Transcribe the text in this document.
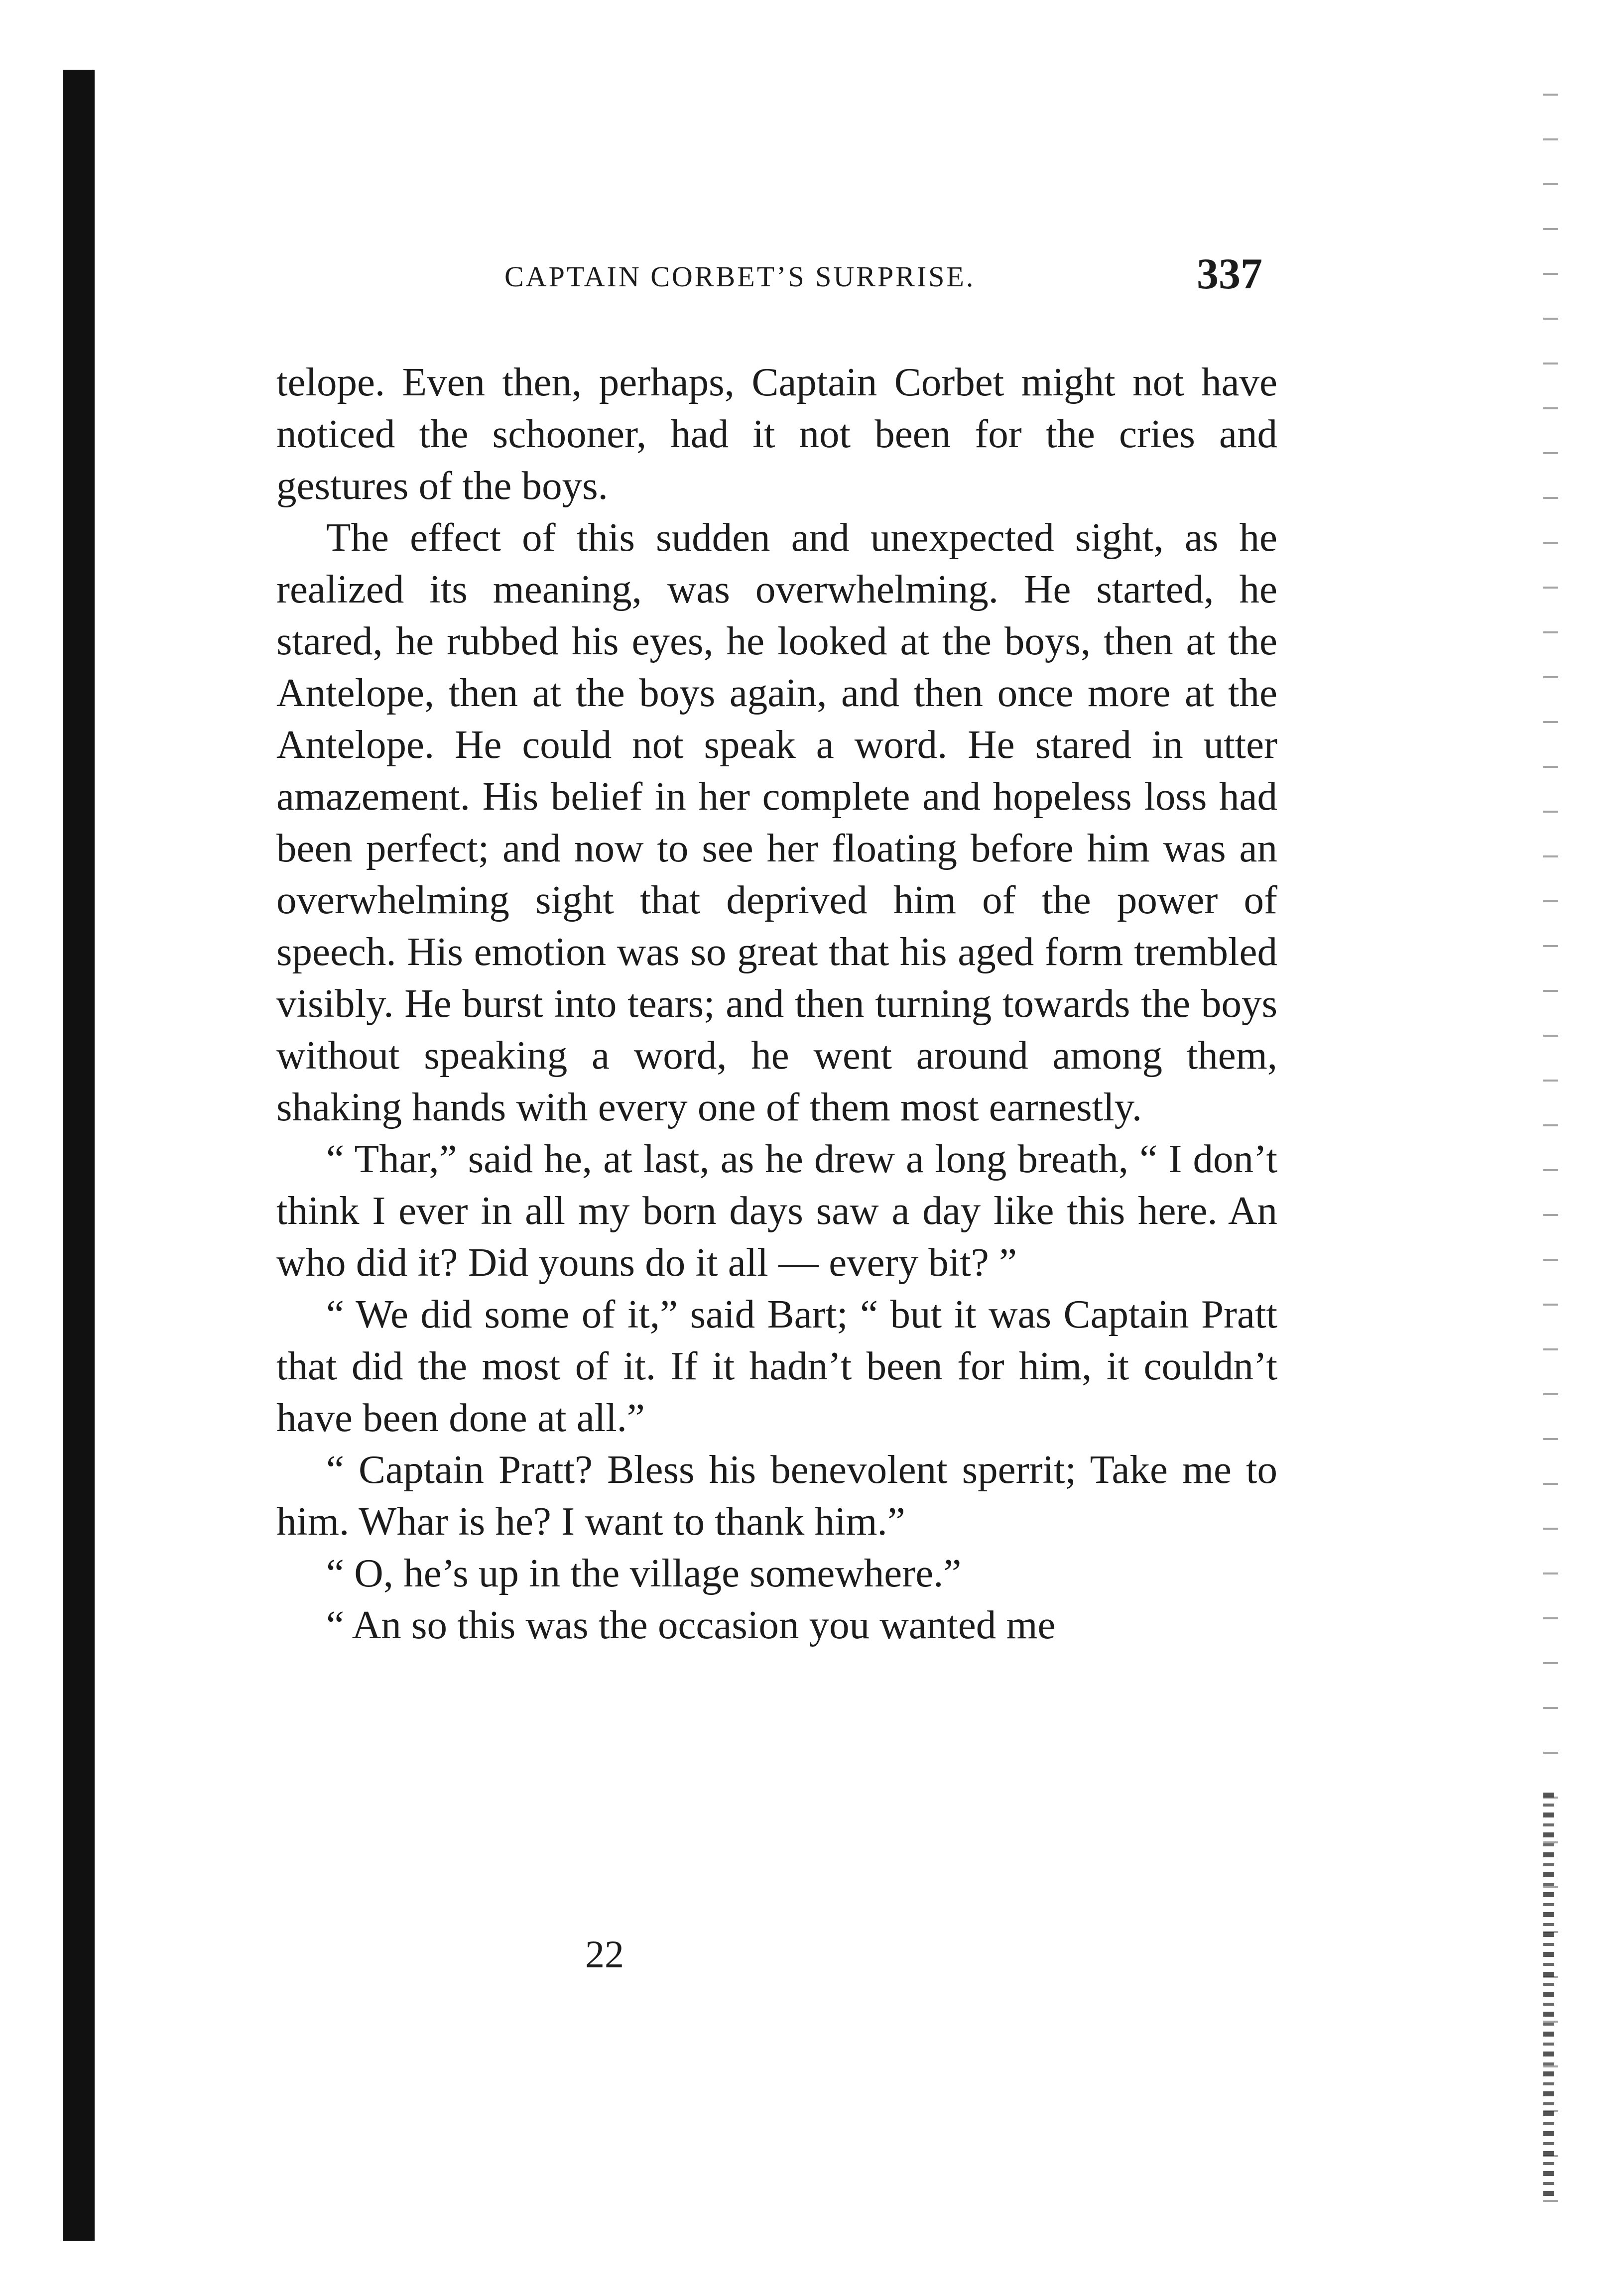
CAPTAIN CORBET’S SURPRISE.	337

telope. Even then, perhaps, Captain Corbet might not have noticed the schooner, had it not been for the cries and gestures of the boys.

The effect of this sudden and unexpected sight, as he realized its meaning, was overwhelming. He started, he stared, he rubbed his eyes, he looked at the boys, then at the Antelope, then at the boys again, and then once more at the Antelope. He could not speak a word. He stared in utter amazement. His belief in her complete and hopeless loss had been perfect; and now to see her floating before him was an overwhelming sight that deprived him of the power of speech. His emotion was so great that his aged form trembled visibly. He burst into tears; and then turning towards the boys without speaking a word, he went around among them, shaking hands with every one of them most earnestly.

“ Thar,” said he, at last, as he drew a long breath, “ I don’t think I ever in all my born days saw a day like this here. An who did it? Did youns do it all — every bit? ”

“ We did some of it,” said Bart; “ but it was Captain Pratt that did the most of it. If it hadn’t been for him, it couldn’t have been done at all.”

“ Captain Pratt? Bless his benevolent sperrit; Take me to him. Whar is he? I want to thank him.”

“ O, he’s up in the village somewhere.”

“ An so this was the occasion you wanted me

22
